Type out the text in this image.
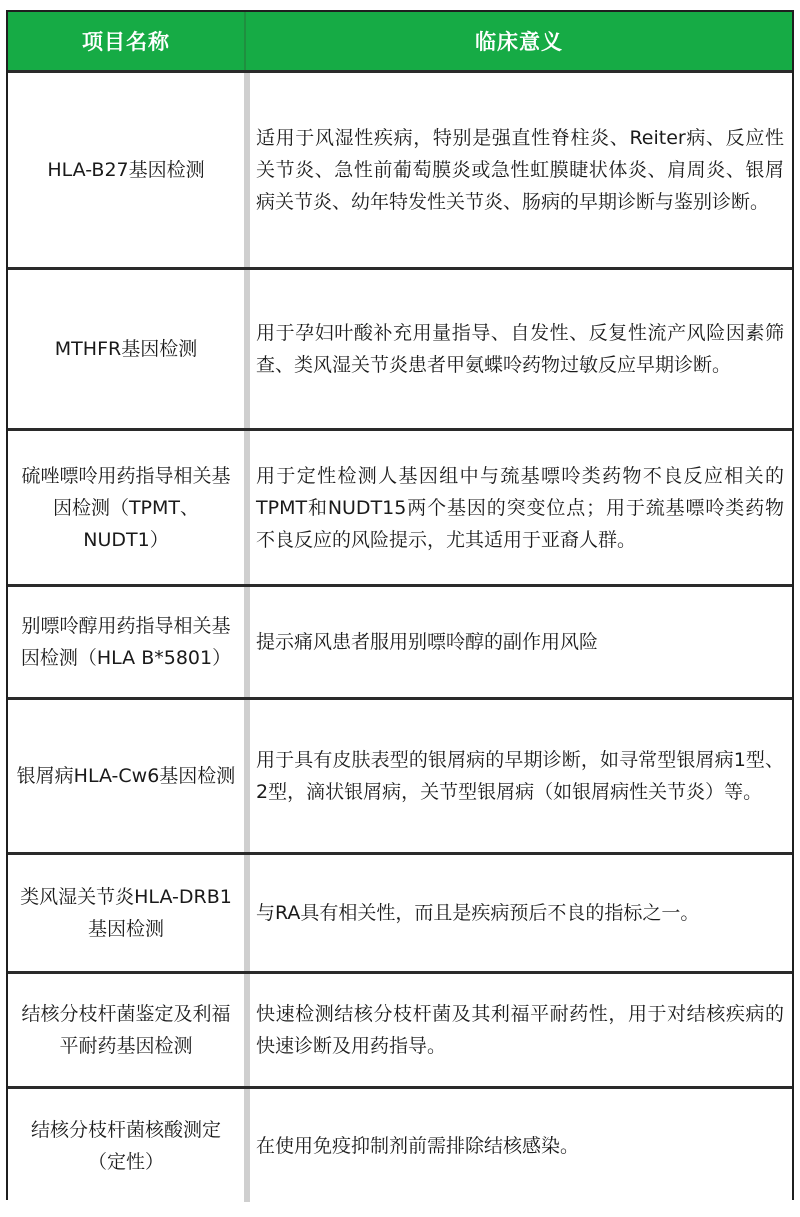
项目名称	临床意义
HLA-B27基因检测
适用于风湿性疾病，特别是强直性脊柱炎、Reiter病、反应性关节炎、急性前葡萄膜炎或急性虹膜睫状体炎、肩周炎、银屑病关节炎、幼年特发性关节炎、肠病的早期诊断与鉴别诊断。
MTHFR基因检测
用于孕妇叶酸补充用量指导、自发性、反复性流产风险因素筛查、类风湿关节炎患者甲氨蝶呤药物过敏反应早期诊断。
硫唑嘌呤用药指导相关基因检测（TPMT、NUDT1）
用于定性检测人基因组中与巯基嘌呤类药物不良反应相关的TPMT和NUDT15两个基因的突变位点；用于巯基嘌呤类药物不良反应的风险提示，尤其适用于亚裔人群。
别嘌呤醇用药指导相关基因检测（HLA B*5801）
提示痛风患者服用别嘌呤醇的副作用风险
银屑病HLA-Cw6基因检测
用于具有皮肤表型的银屑病的早期诊断，如寻常型银屑病1型、2型，滴状银屑病，关节型银屑病（如银屑病性关节炎）等。
类风湿关节炎HLA-DRB1基因检测
与RA具有相关性，而且是疾病预后不良的指标之一。
结核分枝杆菌鉴定及利福平耐药基因检测
快速检测结核分枝杆菌及其利福平耐药性，用于对结核疾病的快速诊断及用药指导。
结核分枝杆菌核酸测定（定性）
在使用免疫抑制剂前需排除结核感染。
